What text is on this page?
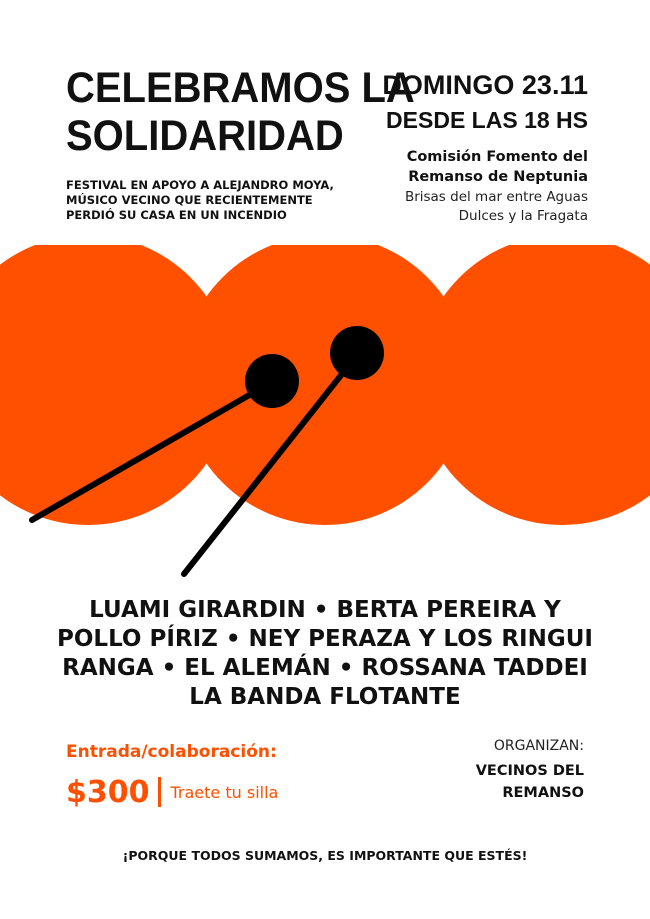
CELEBRAMOS LA
SOLIDARIDAD
FESTIVAL EN APOYO A ALEJANDRO MOYA,
MÚSICO VECINO QUE RECIENTEMENTE
PERDIÓ SU CASA EN UN INCENDIO
DOMINGO 23.11
DESDE LAS 18 HS
Comisión Fomento del
Remanso de Neptunia
Brisas del mar entre Aguas
Dulces y la Fragata
LUAMI GIRARDIN • BERTA PEREIRA Y
POLLO PÍRIZ • NEY PERAZA Y LOS RINGUI
RANGA • EL ALEMÁN • ROSSANA TADDEI
LA BANDA FLOTANTE
Entrada/colaboración:
$300 Traete tu silla
ORGANIZAN:
VECINOS DEL
REMANSO
¡PORQUE TODOS SUMAMOS, ES IMPORTANTE QUE ESTÉS!
